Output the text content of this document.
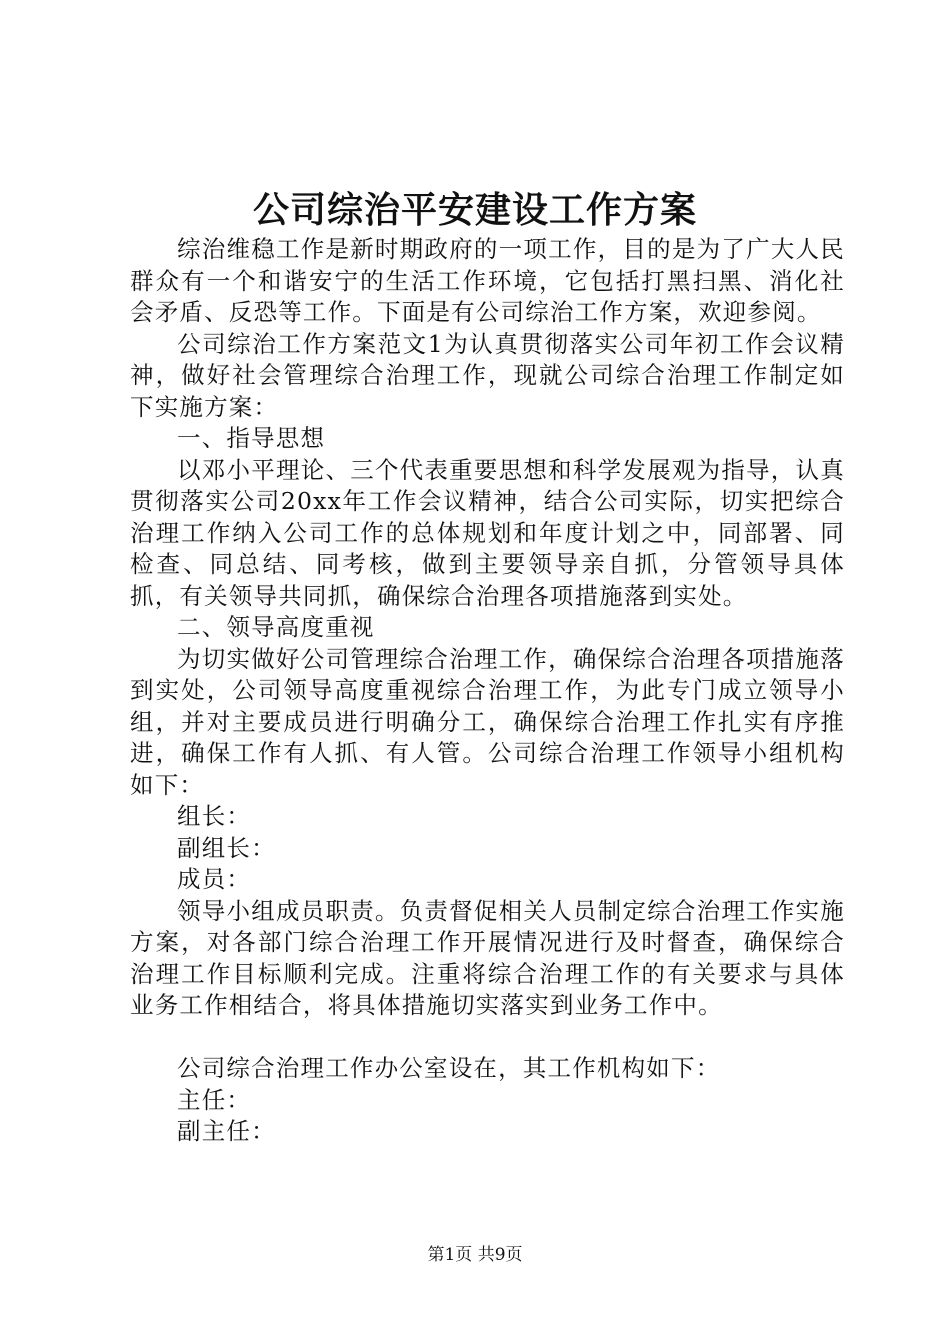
公司综治平安建设工作方案

综治维稳工作是新时期政府的一项工作，目的是为了广大人民群众有一个和谐安宁的生活工作环境，它包括打黑扫黑、消化社会矛盾、反恐等工作。下面是有公司综治工作方案，欢迎参阅。

公司综治工作方案范文1为认真贯彻落实公司年初工作会议精神，做好社会管理综合治理工作，现就公司综合治理工作制定如下实施方案：

一、指导思想

以邓小平理论、三个代表重要思想和科学发展观为指导，认真贯彻落实公司20xx年工作会议精神，结合公司实际，切实把综合治理工作纳入公司工作的总体规划和年度计划之中，同部署、同检查、同总结、同考核，做到主要领导亲自抓，分管领导具体抓，有关领导共同抓，确保综合治理各项措施落到实处。

二、领导高度重视

为切实做好公司管理综合治理工作，确保综合治理各项措施落到实处，公司领导高度重视综合治理工作，为此专门成立领导小组，并对主要成员进行明确分工，确保综合治理工作扎实有序推进，确保工作有人抓、有人管。公司综合治理工作领导小组机构如下：

组长：

副组长：

成员：

领导小组成员职责。负责督促相关人员制定综合治理工作实施方案，对各部门综合治理工作开展情况进行及时督查，确保综合治理工作目标顺利完成。注重将综合治理工作的有关要求与具体业务工作相结合，将具体措施切实落实到业务工作中。

公司综合治理工作办公室设在，其工作机构如下：

主任：

副主任：

第1页 共9页
